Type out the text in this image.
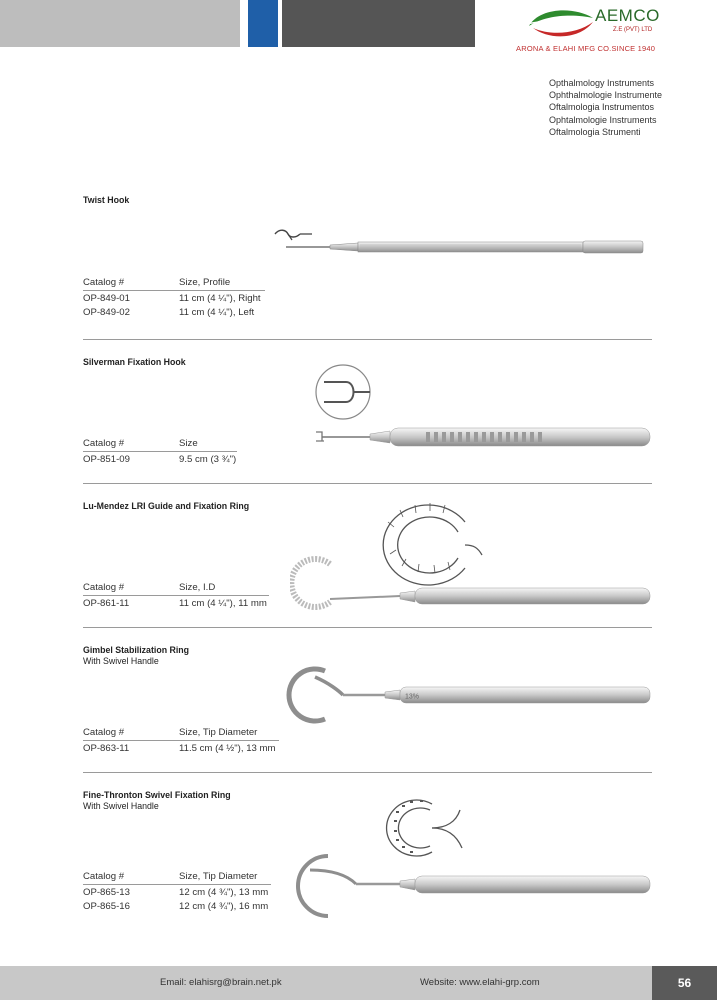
AEMCO
Z.E (PVT) LTD
ARONA & ELAHI MFG CO.SINCE 1940
Opthalmology Instruments
Ophthalmologie Instrumente
Oftalmologia Instrumentos
Ophtalmologie Instruments
Oftalmologia Strumenti
Twist Hook
Catalog #	Size, Profile
OP-849-01	11 cm (4 ¼"), Right
OP-849-02	11 cm (4 ¼"), Left
Silverman Fixation Hook
Catalog #	Size
OP-851-09	9.5 cm (3 ¾")
Lu-Mendez LRI Guide and Fixation Ring
Catalog #	Size, I.D
OP-861-11	11 cm (4 ¼"), 11 mm
Gimbel Stabilization Ring
With Swivel Handle
Catalog #	Size, Tip Diameter
OP-863-11	11.5 cm (4 ½"), 13 mm
13%
Fine-Thronton Swivel Fixation Ring
With Swivel Handle
Catalog #	Size, Tip Diameter
OP-865-13	12 cm (4 ¾"), 13 mm
OP-865-16	12 cm (4 ¾"), 16 mm
Email: elahisrg@brain.net.pk	Website: www.elahi-grp.com	56
